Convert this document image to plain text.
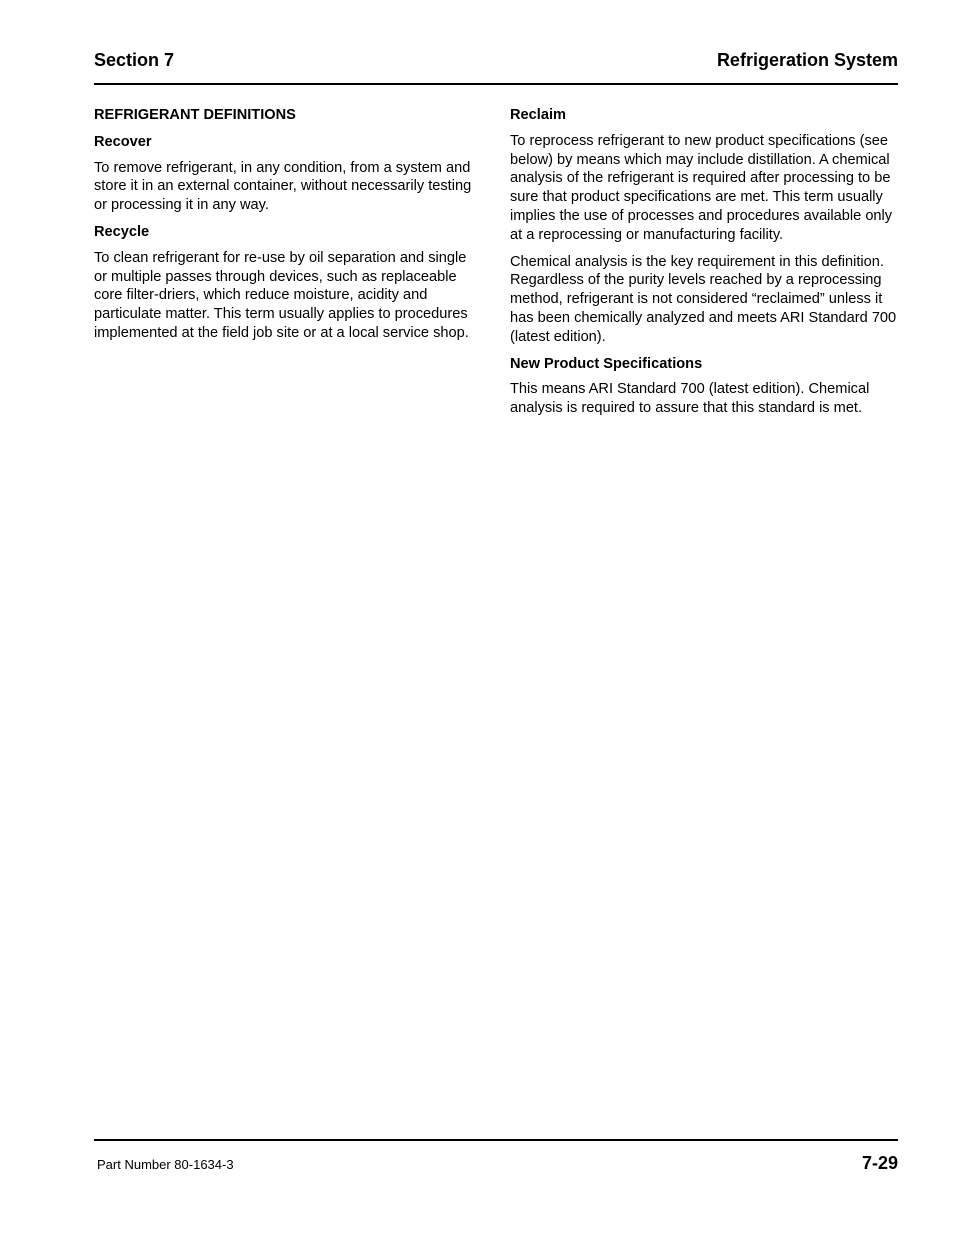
Section 7	Refrigeration System
REFRIGERANT DEFINITIONS
Recover

To remove refrigerant, in any condition, from a system and store it in an external container, without necessarily testing or processing it in any way.

Recycle

To clean refrigerant for re-use by oil separation and single or multiple passes through devices, such as replaceable core filter-driers, which reduce moisture, acidity and particulate matter. This term usually applies to procedures implemented at the field job site or at a local service shop.

Reclaim

To reprocess refrigerant to new product specifications (see below) by means which may include distillation. A chemical analysis of the refrigerant is required after processing to be sure that product specifications are met. This term usually implies the use of processes and procedures available only at a reprocessing or manufacturing facility.

Chemical analysis is the key requirement in this definition. Regardless of the purity levels reached by a reprocessing method, refrigerant is not considered “reclaimed” unless it has been chemically analyzed and meets ARI Standard 700 (latest edition).

New Product Specifications

This means ARI Standard 700 (latest edition). Chemical analysis is required to assure that this standard is met.

Part Number 80-1634-3	7-29
